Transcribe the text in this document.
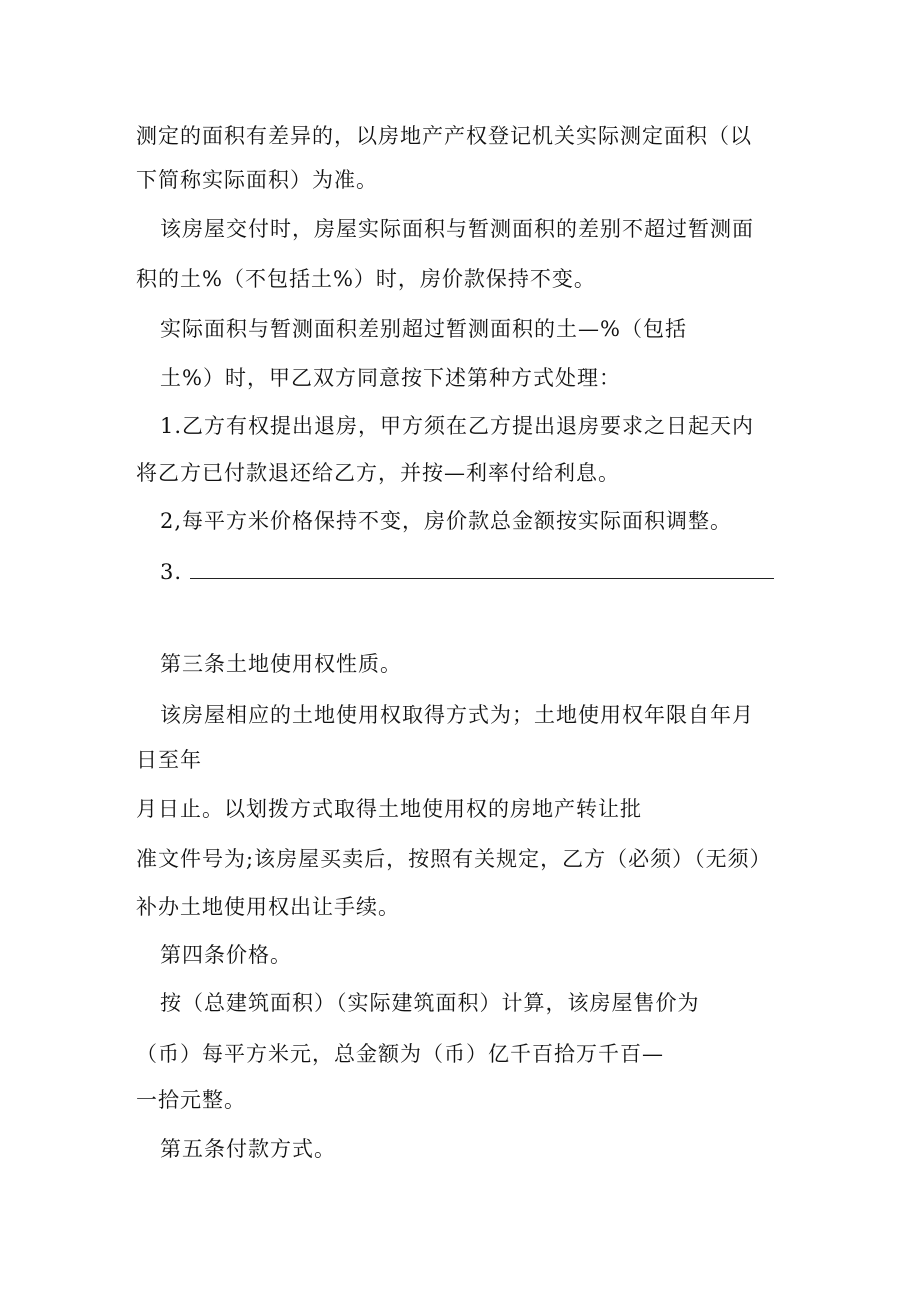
测定的面积有差异的，以房地产产权登记机关实际测定面积（以

下简称实际面积）为准。

该房屋交付时，房屋实际面积与暂测面积的差别不超过暂测面

积的土%（不包括土%）时，房价款保持不变。

实际面积与暂测面积差别超过暂测面积的土—%（包括

土%）时，甲乙双方同意按下述第种方式处理：

1.乙方有权提出退房，甲方须在乙方提出退房要求之日起天内

将乙方已付款退还给乙方，并按—利率付给利息。

2,每平方米价格保持不变，房价款总金额按实际面积调整。

3.

第三条土地使用权性质。

该房屋相应的土地使用权取得方式为；土地使用权年限自年月

日至年

月日止。以划拨方式取得土地使用权的房地产转让批

准文件号为;该房屋买卖后，按照有关规定，乙方（必须）（无须）

补办土地使用权出让手续。

第四条价格。

按（总建筑面积）（实际建筑面积）计算，该房屋售价为

（币）每平方米元，总金额为（币）亿千百拾万千百—

一拾元整。

第五条付款方式。
